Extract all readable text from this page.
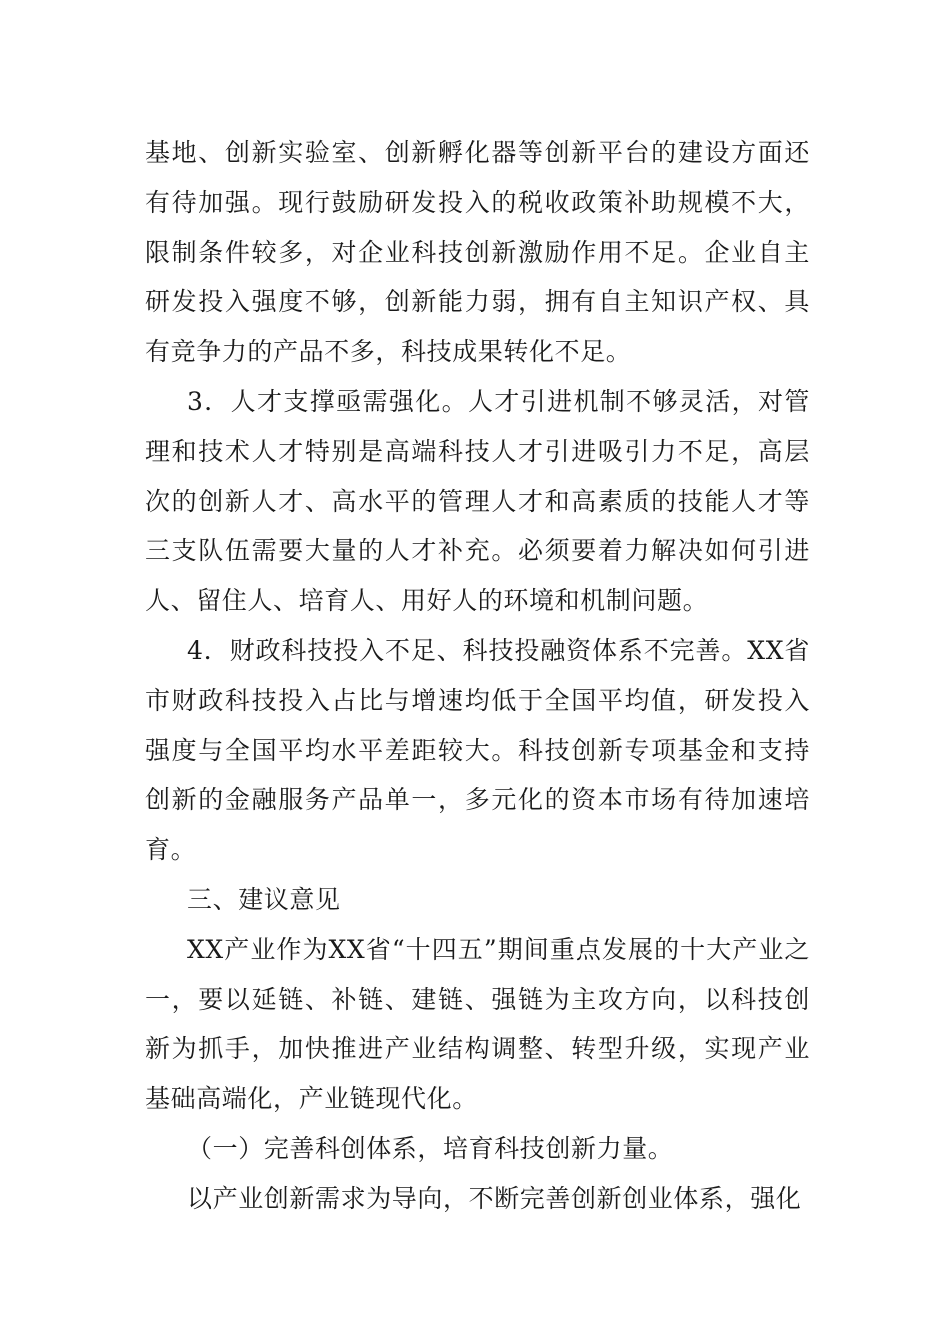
基地、创新实验室、创新孵化器等创新平台的建设方面还有待加强。现行鼓励研发投入的税收政策补助规模不大，限制条件较多，对企业科技创新激励作用不足。企业自主研发投入强度不够，创新能力弱，拥有自主知识产权、具有竞争力的产品不多，科技成果转化不足。

3．人才支撑亟需强化。人才引进机制不够灵活，对管理和技术人才特别是高端科技人才引进吸引力不足，高层次的创新人才、高水平的管理人才和高素质的技能人才等三支队伍需要大量的人才补充。必须要着力解决如何引进人、留住人、培育人、用好人的环境和机制问题。

4．财政科技投入不足、科技投融资体系不完善。XX省市财政科技投入占比与增速均低于全国平均值，研发投入强度与全国平均水平差距较大。科技创新专项基金和支持创新的金融服务产品单一，多元化的资本市场有待加速培育。

三、建议意见

XX产业作为XX省“十四五”期间重点发展的十大产业之一，要以延链、补链、建链、强链为主攻方向，以科技创新为抓手，加快推进产业结构调整、转型升级，实现产业基础高端化，产业链现代化。

（一）完善科创体系，培育科技创新力量。

以产业创新需求为导向，不断完善创新创业体系，强化
